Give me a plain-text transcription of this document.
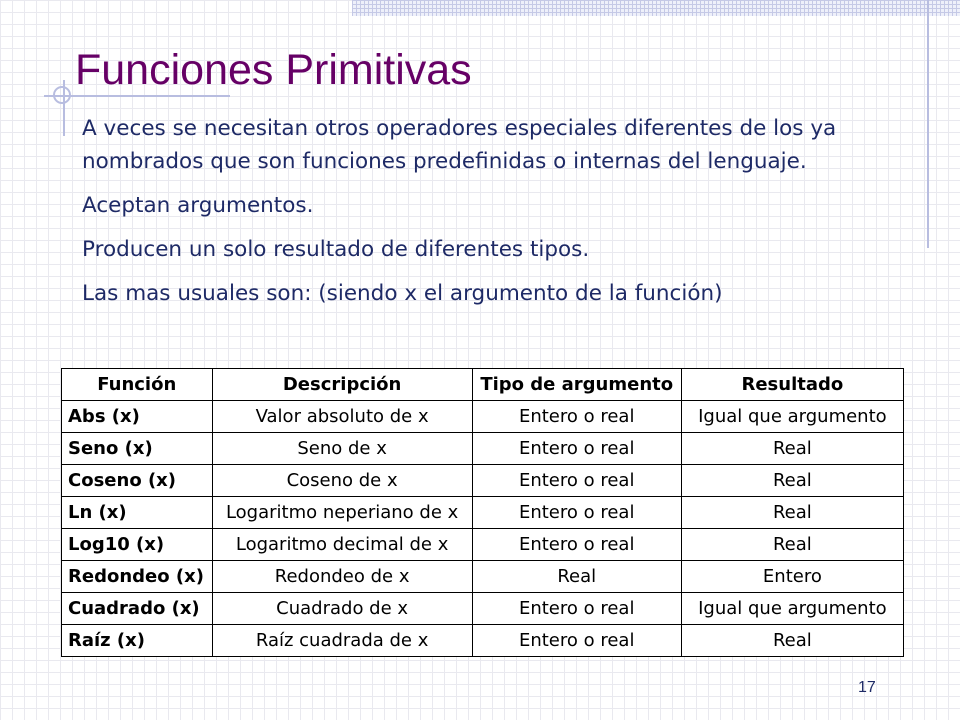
Funciones Primitivas

A veces se necesitan otros operadores especiales diferentes de los ya nombrados que son funciones predefinidas o internas del lenguaje.

Aceptan argumentos.

Producen un solo resultado de diferentes tipos.

Las mas usuales son: (siendo x el argumento de la función)

Función	Descripción	Tipo de argumento	Resultado
Abs (x)	Valor absoluto de x	Entero o real	Igual que argumento
Seno (x)	Seno de x	Entero o real	Real
Coseno (x)	Coseno de x	Entero o real	Real
Ln (x)	Logaritmo neperiano de x	Entero o real	Real
Log10 (x)	Logaritmo decimal de x	Entero o real	Real
Redondeo (x)	Redondeo de x	Real	Entero
Cuadrado (x)	Cuadrado de x	Entero o real	Igual que argumento
Raíz (x)	Raíz cuadrada de x	Entero o real	Real
17
